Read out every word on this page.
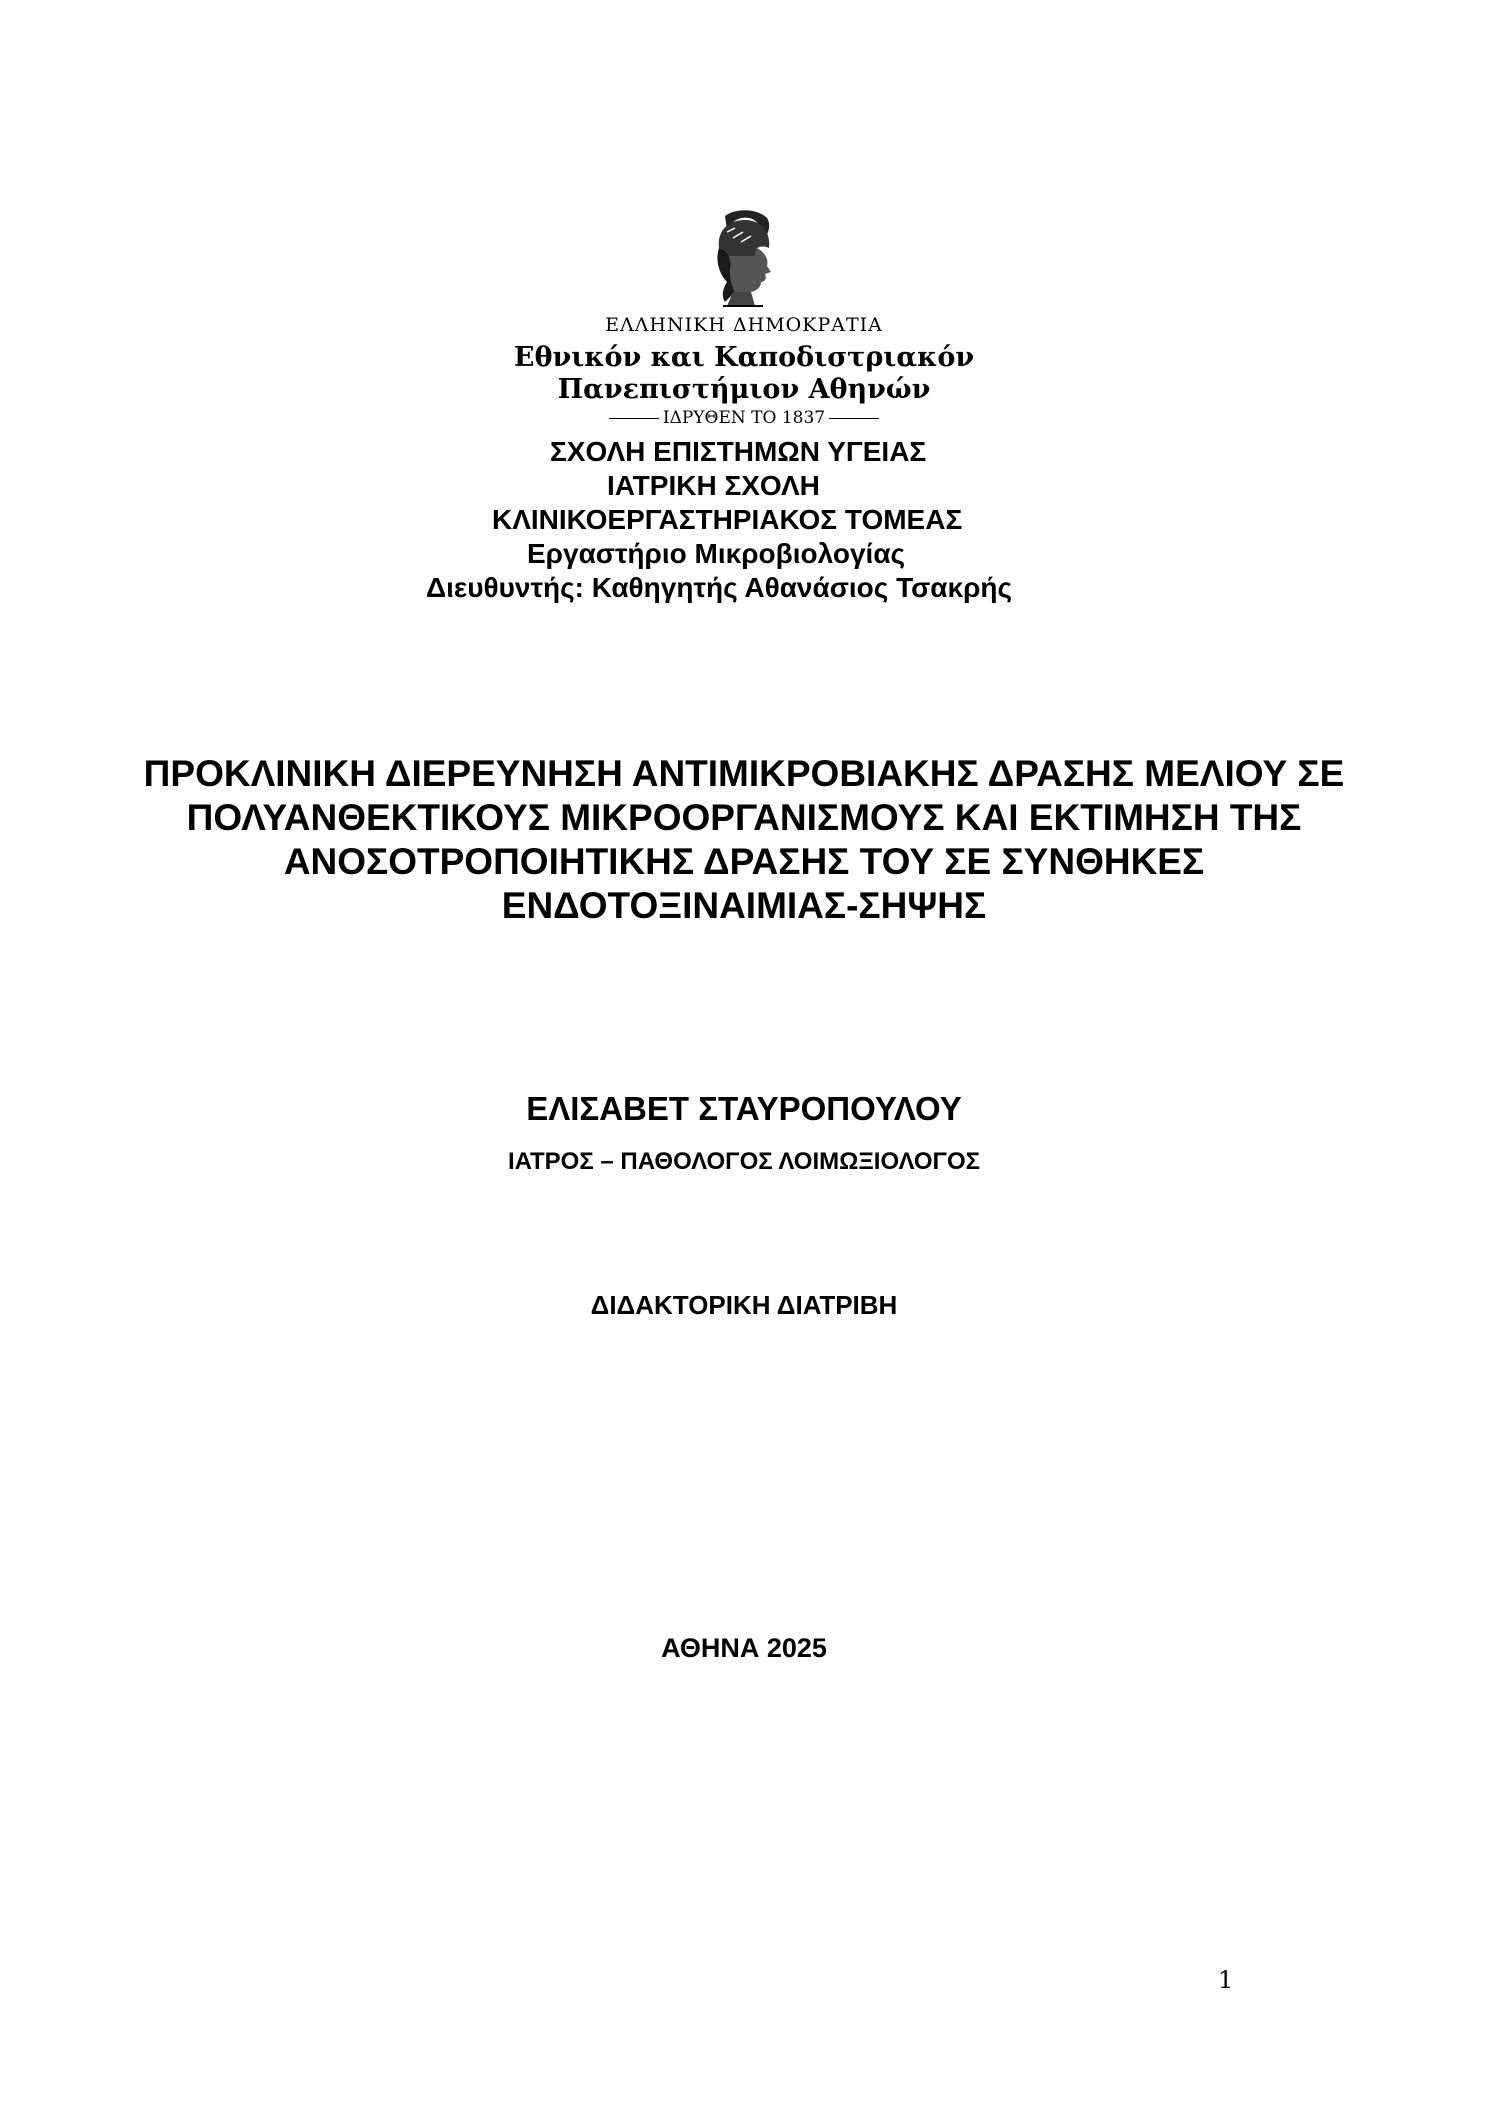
ΕΛΛΗΝΙΚΗ ΔΗΜΟΚΡΑΤΙΑ
Εθνικόν και Καποδιστριακόν
Πανεπιστήμιον Αθηνών
ΙΔΡΥΘΕΝ ΤΟ 1837
ΣΧΟΛΗ ΕΠΙΣΤΗΜΩΝ ΥΓΕΙΑΣ
ΙΑΤΡΙΚΗ ΣΧΟΛΗ
ΚΛΙΝΙΚΟΕΡΓΑΣΤΗΡΙΑΚΟΣ ΤΟΜΕΑΣ
Εργαστήριο Μικροβιολογίας
Διευθυντής: Καθηγητής Αθανάσιος Τσακρής
ΠΡΟΚΛΙΝΙΚΗ ΔΙΕΡΕΥΝΗΣΗ ΑΝΤΙΜΙΚΡΟΒΙΑΚΗΣ ΔΡΑΣΗΣ ΜΕΛΙΟΥ ΣΕ
ΠΟΛΥΑΝΘΕΚΤΙΚΟΥΣ ΜΙΚΡΟΟΡΓΑΝΙΣΜΟΥΣ ΚΑΙ ΕΚΤΙΜΗΣΗ ΤΗΣ
ΑΝΟΣΟΤΡΟΠΟΙΗΤΙΚΗΣ ΔΡΑΣΗΣ ΤΟΥ ΣΕ ΣΥΝΘΗΚΕΣ
ΕΝΔΟΤΟΞΙΝΑΙΜΙΑΣ-ΣΗΨΗΣ
ΕΛΙΣΑΒΕΤ ΣΤΑΥΡΟΠΟΥΛΟΥ
ΙΑΤΡΟΣ – ΠΑΘΟΛΟΓΟΣ ΛΟΙΜΩΞΙΟΛΟΓΟΣ
ΔΙΔΑΚΤΟΡΙΚΗ ΔΙΑΤΡΙΒΗ
ΑΘΗΝΑ 2025
1
